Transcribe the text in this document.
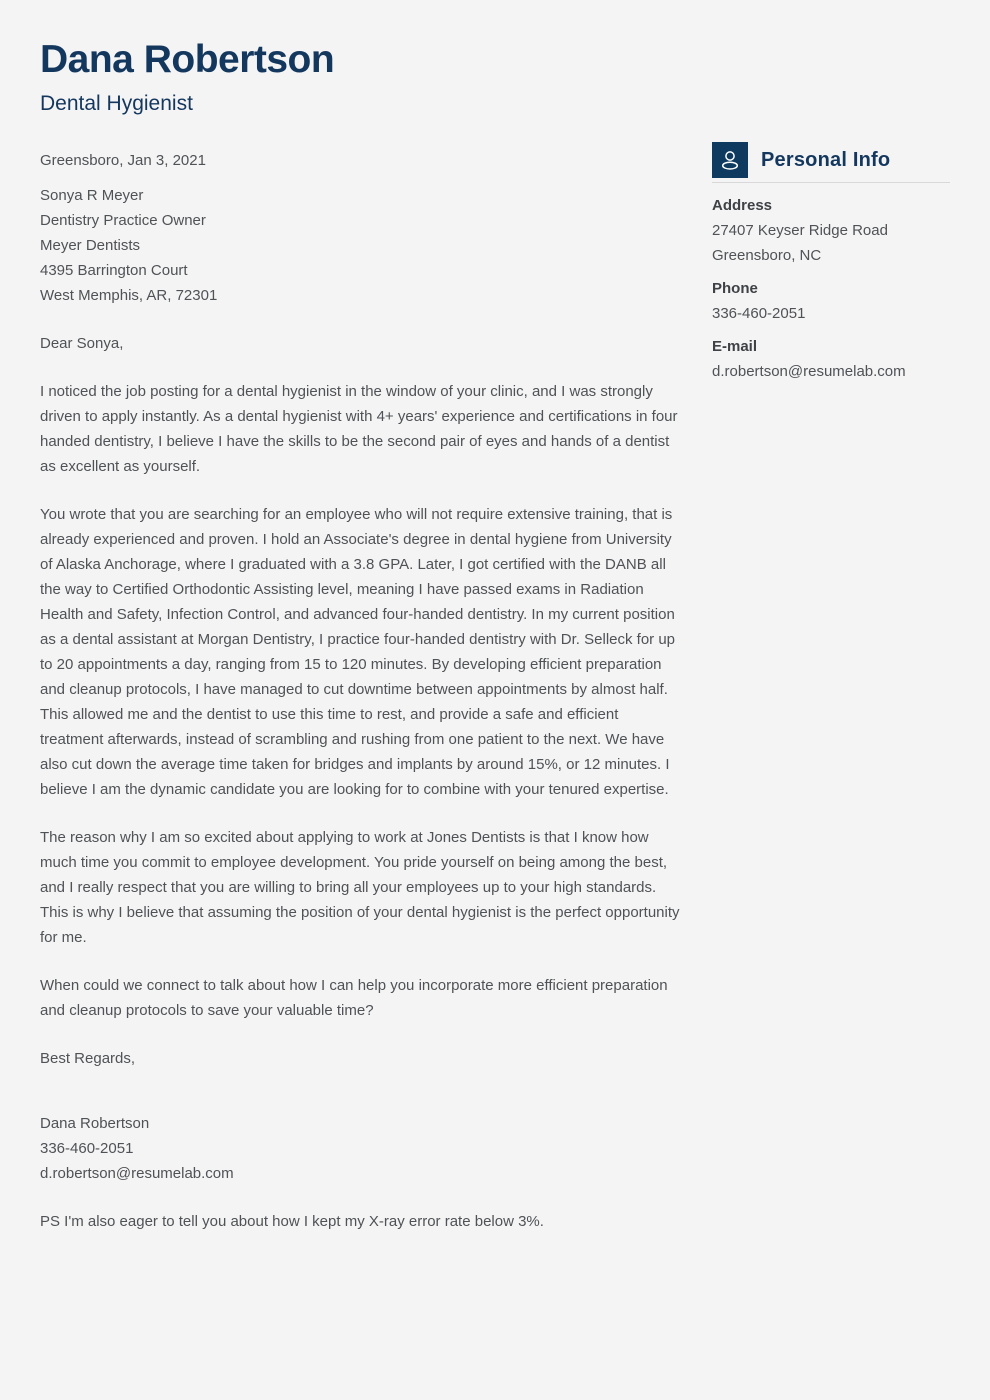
Dana Robertson
Dental Hygienist
Greensboro, Jan 3, 2021
Sonya R Meyer
Dentistry Practice Owner
Meyer Dentists
4395 Barrington Court
West Memphis, AR, 72301

Dear Sonya,

I noticed the job posting for a dental hygienist in the window of your clinic, and I was strongly driven to apply instantly. As a dental hygienist with 4+ years' experience and certifications in four handed dentistry, I believe I have the skills to be the second pair of eyes and hands of a dentist as excellent as yourself.

You wrote that you are searching for an employee who will not require extensive training, that is already experienced and proven. I hold an Associate's degree in dental hygiene from University of Alaska Anchorage, where I graduated with a 3.8 GPA. Later, I got certified with the DANB all the way to Certified Orthodontic Assisting level, meaning I have passed exams in Radiation Health and Safety, Infection Control, and advanced four-handed dentistry. In my current position as a dental assistant at Morgan Dentistry, I practice four-handed dentistry with Dr. Selleck for up to 20 appointments a day, ranging from 15 to 120 minutes. By developing efficient preparation and cleanup protocols, I have managed to cut downtime between appointments by almost half. This allowed me and the dentist to use this time to rest, and provide a safe and efficient treatment afterwards, instead of scrambling and rushing from one patient to the next. We have also cut down the average time taken for bridges and implants by around 15%, or 12 minutes. I believe I am the dynamic candidate you are looking for to combine with your tenured expertise.

The reason why I am so excited about applying to work at Jones Dentists is that I know how much time you commit to employee development. You pride yourself on being among the best, and I really respect that you are willing to bring all your employees up to your high standards. This is why I believe that assuming the position of your dental hygienist is the perfect opportunity for me.

When could we connect to talk about how I can help you incorporate more efficient preparation and cleanup protocols to save your valuable time?

Best Regards,

Dana Robertson
336-460-2051
d.robertson@resumelab.com

PS I'm also eager to tell you about how I kept my X-ray error rate below 3%.

Personal Info
Address
27407 Keyser Ridge Road
Greensboro, NC
Phone
336-460-2051
E-mail
d.robertson@resumelab.com
